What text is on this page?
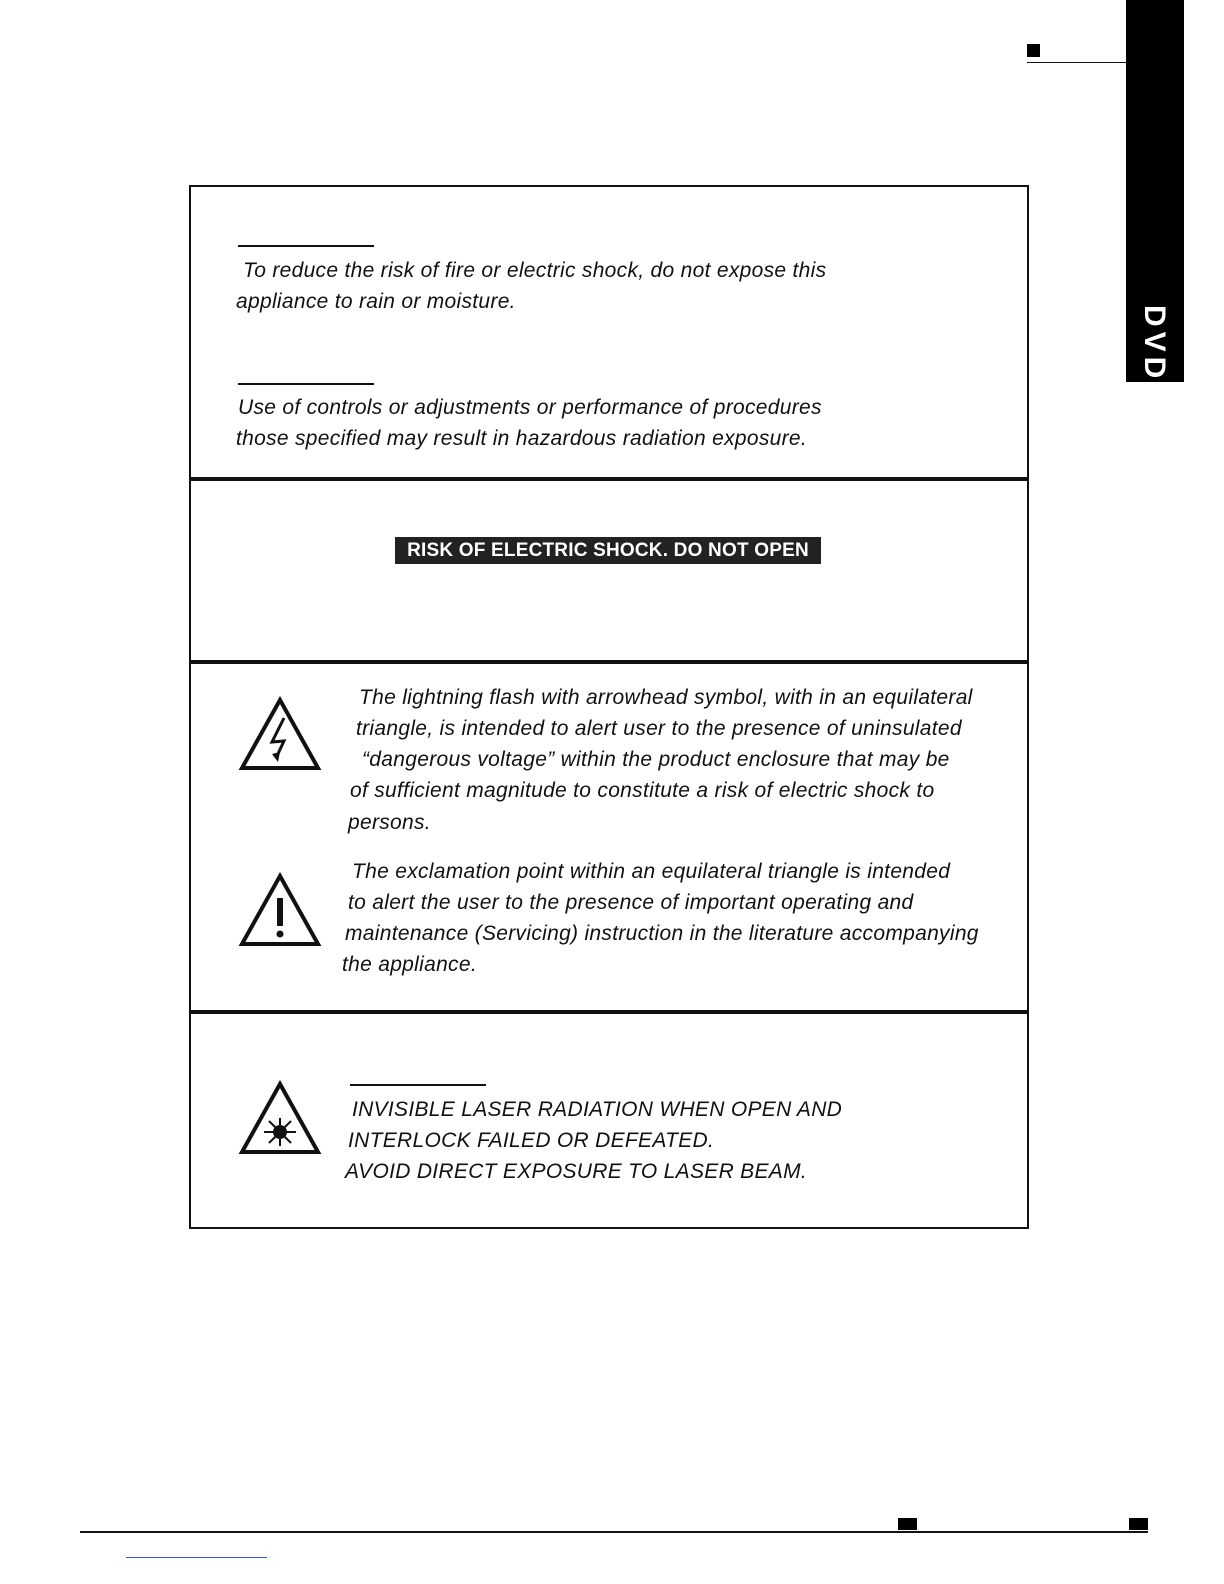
DVD
To reduce the risk of fire or electric shock, do not expose this
appliance to rain or moisture.
Use of controls or adjustments or performance of procedures
those specified may result in hazardous radiation exposure.
RISK OF ELECTRIC SHOCK. DO NOT OPEN
The lightning flash with arrowhead symbol, with in an equilateral
triangle, is intended to alert user to the presence of uninsulated
“dangerous voltage” within the product enclosure that may be
of sufficient magnitude to constitute a risk of electric shock to
persons.
The exclamation point within an equilateral triangle is intended
to alert the user to the presence of important operating and
maintenance (Servicing) instruction in the literature accompanying
the appliance.
INVISIBLE LASER RADIATION WHEN OPEN AND
INTERLOCK FAILED OR DEFEATED.
AVOID DIRECT EXPOSURE TO LASER BEAM.
